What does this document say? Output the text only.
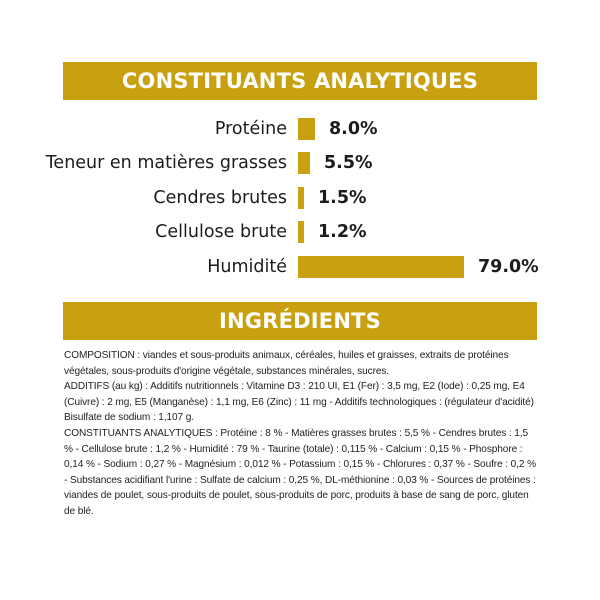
CONSTITUANTS ANALYTIQUES
Protéine 8.0%
Teneur en matières grasses 5.5%
Cendres brutes 1.5%
Cellulose brute 1.2%
Humidité	79.0%
INGRÉDIENTS

COMPOSITION : viandes et sous-produits animaux, céréales, huiles et graisses, extraits de protéines végétales, sous-produits d'origine végétale, substances minérales, sucres.

ADDITIFS (au kg) : Additifs nutritionnels : Vitamine D3 : 210 UI, E1 (Fer) : 3,5 mg, E2 (Iode) : 0,25 mg, E4 (Cuivre) : 2 mg, E5 (Manganèse) : 1,1 mg, E6 (Zinc) : 11 mg - Additifs technologiques : (régulateur d'acidité) Bisulfate de sodium : 1,107 g.

CONSTITUANTS ANALYTIQUES : Protéine : 8 % - Matières grasses brutes : 5,5 % - Cendres brutes : 1,5 % - Cellulose brute : 1,2 % - Humidité : 79 % - Taurine (totale) : 0,115 % - Calcium : 0,15 % - Phosphore : 0,14 % - Sodium : 0,27 % - Magnésium : 0,012 % - Potassium : 0,15 % - Chlorures : 0,37 % - Soufre : 0,2 % - Substances acidifiant l'urine : Sulfate de calcium : 0,25 %, DL-méthionine : 0,03 % - Sources de protéines : viandes de poulet, sous-produits de poulet, sous-produits de porc, produits à base de sang de porc, gluten de blé.
